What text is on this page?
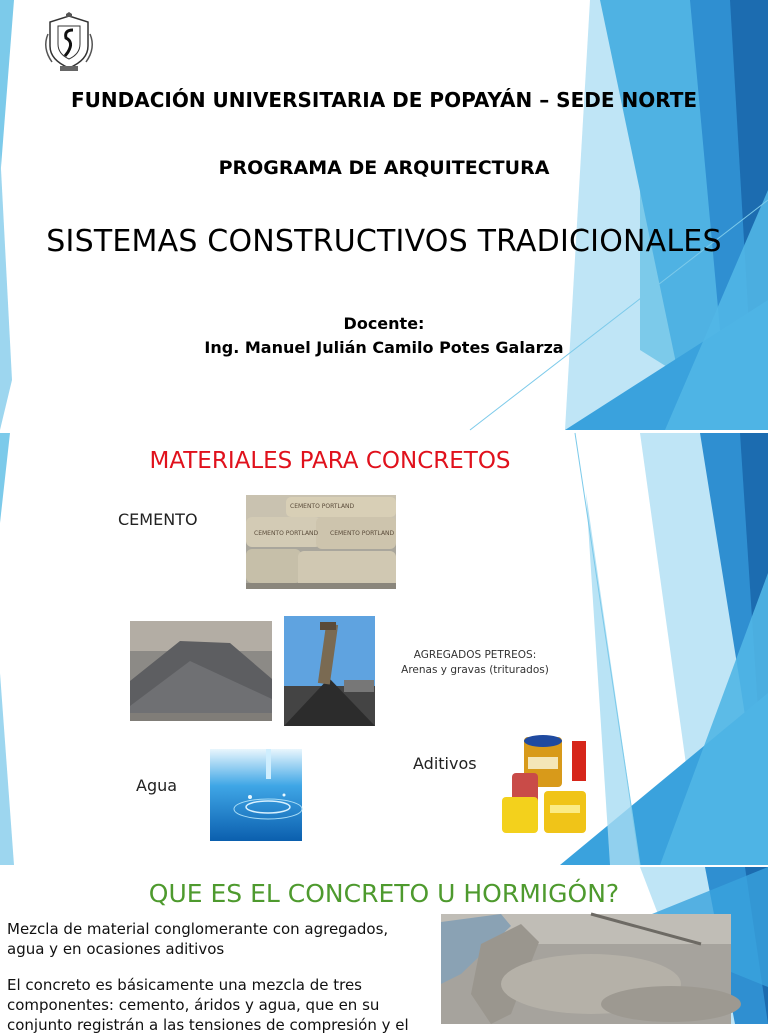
FUNDACIÓN UNIVERSITARIA DE POPAYÁN – SEDE NORTE
PROGRAMA DE ARQUITECTURA
SISTEMAS CONSTRUCTIVOS TRADICIONALES
Docente:
Ing. Manuel Julián Camilo Potes Galarza
MATERIALES PARA CONCRETOS
CEMENTO
CEMENTO PORTLAND
CEMENTO PORTLAND CEMENTO PORTLAND
AGREGADOS PETREOS:
Arenas y gravas (triturados)
Agua
Aditivos
QUE ES EL CONCRETO U HORMIGÓN?
Mezcla de material conglomerante con agregados, agua y en ocasiones aditivos
El concreto es básicamente una mezcla de tres componentes: cemento, áridos y agua, que en su conjunto registrán a las tensiones de compresión y el
